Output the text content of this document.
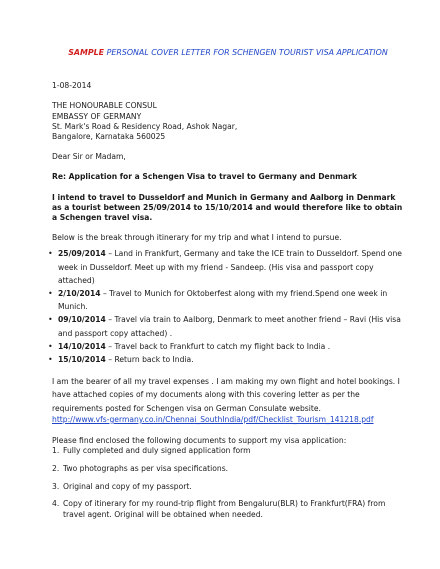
SAMPLE PERSONAL COVER LETTER FOR SCHENGEN TOURIST VISA APPLICATION

1-08-2014

THE HONOURABLE CONSUL

EMBASSY OF GERMANY

St. Mark's Road & Residency Road, Ashok Nagar,

Bangalore, Karnataka 560025

Dear Sir or Madam,

Re: Application for a Schengen Visa to travel to Germany and Denmark

I intend to travel to Dusseldorf and Munich in Germany and Aalborg in Denmark as a tourist between 25/09/2014 to 15/10/2014 and would therefore like to obtain a Schengen travel visa.

Below is the break through itinerary for my trip and what I intend to pursue.

• 25/09/2014 – Land in Frankfurt, Germany and take the ICE train to Dusseldorf. Spend one week in Dusseldorf. Meet up with my friend - Sandeep. (His visa and passport copy attached)
• 2/10/2014 – Travel to Munich for Oktoberfest along with my friend.Spend one week in Munich.
• 09/10/2014 – Travel via train to Aalborg, Denmark to meet another friend – Ravi (His visa and passport copy attached) .
• 14/10/2014 – Travel back to Frankfurt to catch my flight back to India .
• 15/10/2014 – Return back to India.

I am the bearer of all my travel expenses . I am making my own flight and hotel bookings. I have attached copies of my documents along with this covering letter as per the requirements posted for Schengen visa on German Consulate website.

http://www.vfs-germany.co.in/Chennai_SouthIndia/pdf/Checklist_Tourism_141218.pdf

Please find enclosed the following documents to support my visa application:

1. Fully completed and duly signed application form
2. Two photographs as per visa specifications.
3. Original and copy of my passport.
4. Copy of itinerary for my round-trip flight from Bengaluru(BLR) to Frankfurt(FRA) from travel agent. Original will be obtained when needed.
